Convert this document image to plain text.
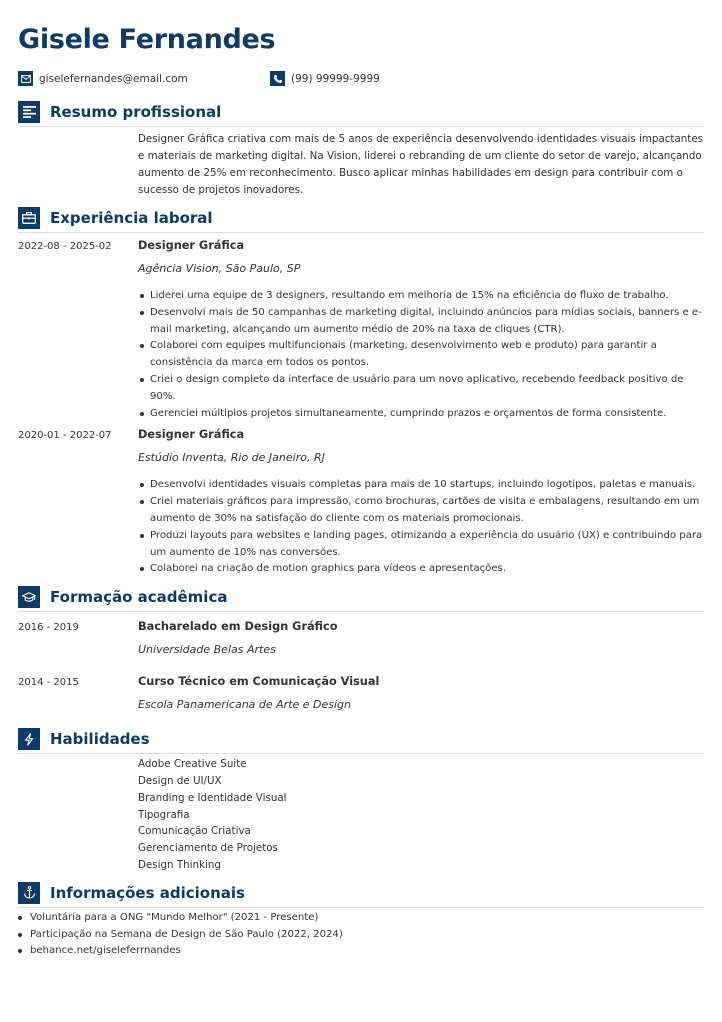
Gisele Fernandes
giselefernandes@email.com	(99) 99999-9999
Resumo profissional

Designer Gráfica criativa com mais de 5 anos de experiência desenvolvendo identidades visuais impactantes e materiais de marketing digital. Na Vision, liderei o rebranding de um cliente do setor de varejo, alcançando aumento de 25% em reconhecimento. Busco aplicar minhas habilidades em design para contribuir com o sucesso de projetos inovadores.

Experiência laboral
2022-08 - 2025-02	Designer Gráfica
Agência Vision, São Paulo, SP
Liderei uma equipe de 3 designers, resultando em melhoria de 15% na eficiência do fluxo de trabalho.
Desenvolvi mais de 50 campanhas de marketing digital, incluindo anúncios para mídias sociais, banners e e-mail marketing, alcançando um aumento médio de 20% na taxa de cliques (CTR).
Colaborei com equipes multifuncionais (marketing, desenvolvimento web e produto) para garantir a consistência da marca em todos os pontos.
Criei o design completo da interface de usuário para um novo aplicativo, recebendo feedback positivo de 90%.
Gerenciei múltiplos projetos simultaneamente, cumprindo prazos e orçamentos de forma consistente.
2020-01 - 2022-07	Designer Gráfica
Estúdio Inventa, Rio de Janeiro, RJ
Desenvolvi identidades visuais completas para mais de 10 startups, incluindo logotipos, paletas e manuais.
Criei materiais gráficos para impressão, como brochuras, cartões de visita e embalagens, resultando em um aumento de 30% na satisfação do cliente com os materiais promocionais.
Produzi layouts para websites e landing pages, otimizando a experiência do usuário (UX) e contribuindo para um aumento de 10% nas conversões.
Colaborei na criação de motion graphics para vídeos e apresentações.
Formação acadêmica
2016 - 2019	Bacharelado em Design Gráfico
Universidade Belas Artes
2014 - 2015	Curso Técnico em Comunicação Visual
Escola Panamericana de Arte e Design
Habilidades
Adobe Creative Suite
Design de UI/UX
Branding e Identidade Visual
Tipografia
Comunicação Criativa
Gerenciamento de Projetos
Design Thinking
Informações adicionais
Voluntária para a ONG "Mundo Melhor" (2021 - Presente)
Participação na Semana de Design de São Paulo (2022, 2024)
behance.net/giseleferrnandes
